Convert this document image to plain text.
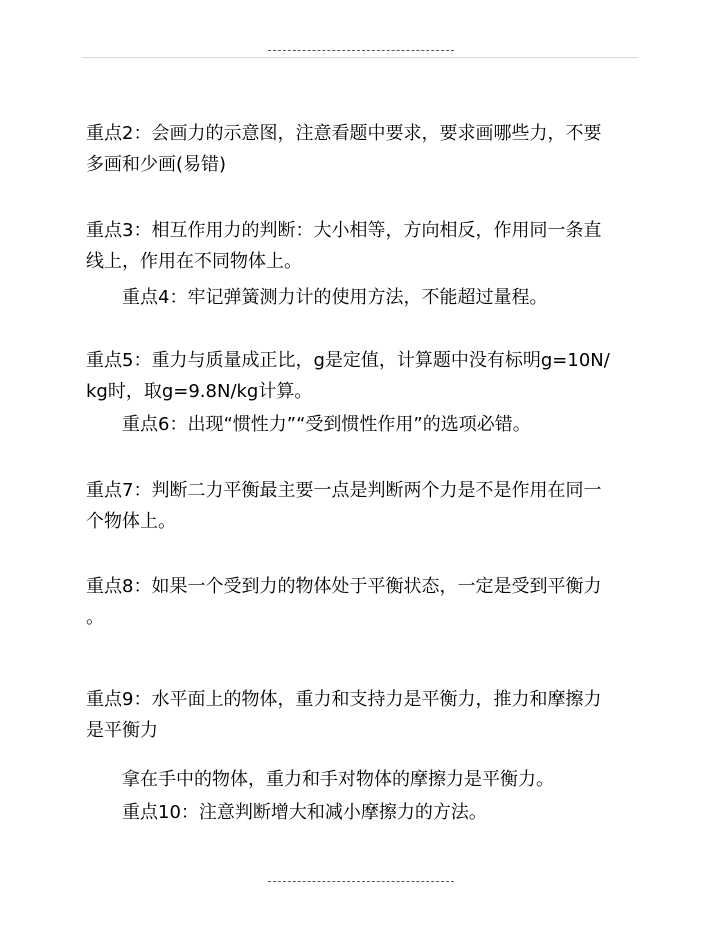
重点2：会画力的示意图，注意看题中要求，要求画哪些力，不要
多画和少画(易错)
重点3：相互作用力的判断：大小相等，方向相反，作用同一条直
线上，作用在不同物体上。
重点4：牢记弹簧测力计的使用方法，不能超过量程。
重点5：重力与质量成正比，g是定值，计算题中没有标明g=10N/
kg时，取g=9.8N/kg计算。
重点6：出现“惯性力”“受到惯性作用”的选项必错。
重点7：判断二力平衡最主要一点是判断两个力是不是作用在同一
个物体上。
重点8：如果一个受到力的物体处于平衡状态，一定是受到平衡力
。
重点9：水平面上的物体，重力和支持力是平衡力，推力和摩擦力
是平衡力
拿在手中的物体，重力和手对物体的摩擦力是平衡力。
重点10：注意判断增大和减小摩擦力的方法。
